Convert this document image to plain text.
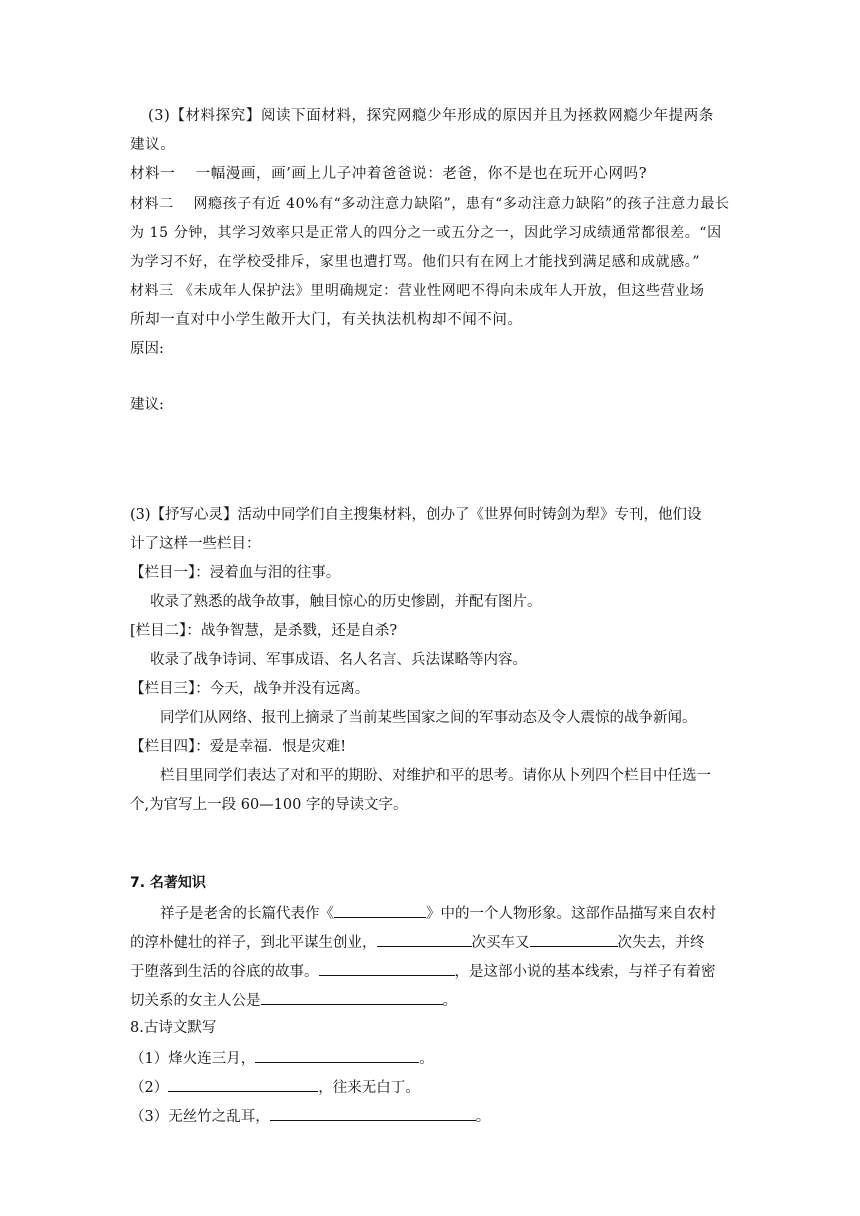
(3)【材料探究】阅读下面材料，探究网瘾少年形成的原因并且为拯救网瘾少年提两条
建议。
材料一　 一幅漫画，画’画上儿子冲着爸爸说：老爸，你不是也在玩开心网吗?
材料二　 网瘾孩子有近 40%有“多动注意力缺陷”，患有“多动注意力缺陷”的孩子注意力最长
为 15 分钟，其学习效率只是正常人的四分之一或五分之一，因此学习成绩通常都很差。“因
为学习不好，在学校受排斥，家里也遭打骂。他们只有在网上才能找到满足感和成就感。”
材料三 《未成年人保护法》里明确规定：营业性网吧不得向未成年人开放，但这些营业场
所却一直对中小学生敞开大门，有关执法机构却不闻不问。
原因:
建议:
(3)【抒写心灵】活动中同学们自主搜集材料，创办了《世界何时铸剑为犁》专刊，他们设
计了这样一些栏目：
【栏目一】：浸着血与泪的往事。
收录了熟悉的战争故事，触目惊心的历史惨剧，并配有图片。
[栏目二】：战争智慧，是杀戮，还是自杀?
收录了战争诗词、军事成语、名人名言、兵法谋略等内容。
【栏目三】：今天，战争并没有远离。
同学们从网络、报刊上摘录了当前某些国家之间的军事动态及令人震惊的战争新闻。
【栏目四】：爱是幸福．恨是灾难!
栏目里同学们表达了对和平的期盼、对维护和平的思考。请你从卜列四个栏目中任选一
个,为官写上一段 60—100 字的导读文字。
7. 名著知识
祥子是老舍的长篇代表作《	》中的一个人物形象。这部作品描写来自农村
的淳朴健壮的祥子，到北平谋生创业，	次买车又	次失去，并终
于堕落到生活的谷底的故事。	，是这部小说的基本线索，与祥子有着密
切关系的女主人公是	。
8.古诗文默写
（1）烽火连三月，	。
（2）	，往来无白丁。
（3）无丝竹之乱耳，	。
